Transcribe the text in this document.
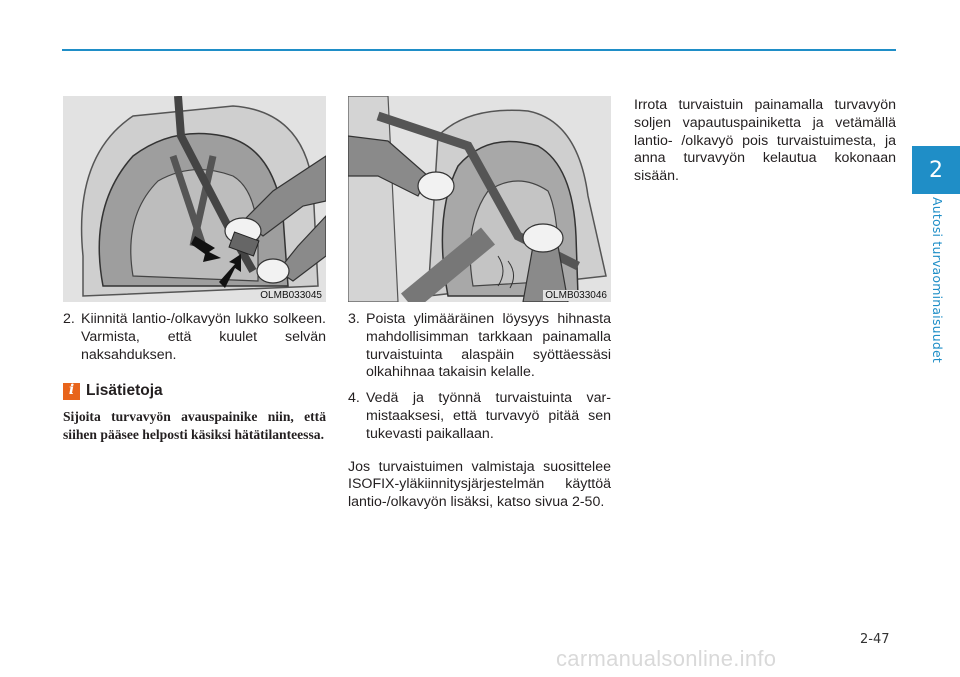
2
Autosi turvaominaisuudet
OLMB033045	OLMB033046
2. Kiinnitä lantio-/olkavyön lukko solkeen. Varmista, että kuulet selvän naksahduksen.
i Lisätietoja
Sijoita turvavyön avauspainike niin, että siihen pääsee helposti käsiksi hätätilanteessa.
3. Poista ylimääräinen löysyys hihnasta mahdollisimman tarkkaan painamalla turvaistuinta alaspäin syöttäessäsi olkahihnaa takaisin kelalle.
4. Vedä ja työnnä turvaistuinta varmistaaksesi, että turvavyö pitää sen tukevasti paikallaan.

Jos turvaistuimen valmistaja suosittelee ISOFIX-yläkiinnitysjärjestelmän käyttöä lantio-/olkavyön lisäksi, katso sivua 2-50.

Irrota turvaistuin painamalla turvavyön soljen vapautuspainiketta ja vetämällä lantio- /olkavyö pois turvaistuimesta, ja anna turvavyön kelautua kokonaan sisään.

2-47
carmanualsonline.info
